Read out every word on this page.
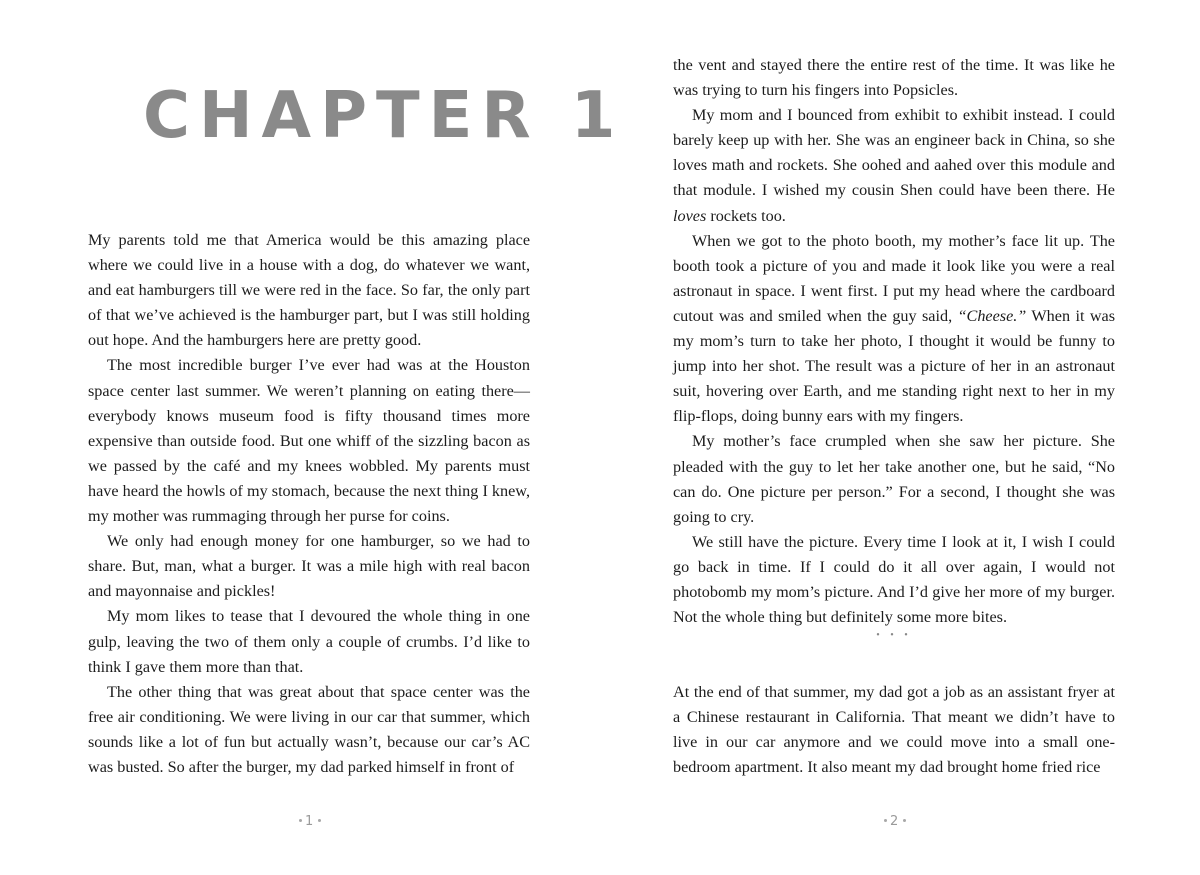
CHAPTER 1

My parents told me that America would be this amazing place where we could live in a house with a dog, do whatever we want, and eat hamburgers till we were red in the face. So far, the only part of that we’ve achieved is the hamburger part, but I was still holding out hope. And the hamburgers here are pretty good.

The most incredible burger I’ve ever had was at the Houston space center last summer. We weren’t planning on eating there—everybody knows museum food is fifty thousand times more expensive than outside food. But one whiff of the sizzling bacon as we passed by the café and my knees wobbled. My parents must have heard the howls of my stomach, because the next thing I knew, my mother was rummaging through her purse for coins.

We only had enough money for one hamburger, so we had to share. But, man, what a burger. It was a mile high with real bacon and mayonnaise and pickles!

My mom likes to tease that I devoured the whole thing in one gulp, leaving the two of them only a couple of crumbs. I’d like to think I gave them more than that.

The other thing that was great about that space center was the free air conditioning. We were living in our car that summer, which sounds like a lot of fun but actually wasn’t, because our car’s AC was busted. So after the burger, my dad parked himself in front of

1

the vent and stayed there the entire rest of the time. It was like he was trying to turn his fingers into Popsicles.

My mom and I bounced from exhibit to exhibit instead. I could barely keep up with her. She was an engineer back in China, so she loves math and rockets. She oohed and aahed over this module and that module. I wished my cousin Shen could have been there. He loves rockets too.

When we got to the photo booth, my mother’s face lit up. The booth took a picture of you and made it look like you were a real astronaut in space. I went first. I put my head where the cardboard cutout was and smiled when the guy said, “Cheese.” When it was my mom’s turn to take her photo, I thought it would be funny to jump into her shot. The result was a picture of her in an astronaut suit, hovering over Earth, and me standing right next to her in my flip-flops, doing bunny ears with my fingers.

My mother’s face crumpled when she saw her picture. She pleaded with the guy to let her take another one, but he said, “No can do. One picture per person.” For a second, I thought she was going to cry.

We still have the picture. Every time I look at it, I wish I could go back in time. If I could do it all over again, I would not photobomb my mom’s picture. And I’d give her more of my burger. Not the whole thing but definitely some more bites.

• • •

At the end of that summer, my dad got a job as an assistant fryer at a Chinese restaurant in California. That meant we didn’t have to live in our car anymore and we could move into a small one-bedroom apartment. It also meant my dad brought home fried rice

2
